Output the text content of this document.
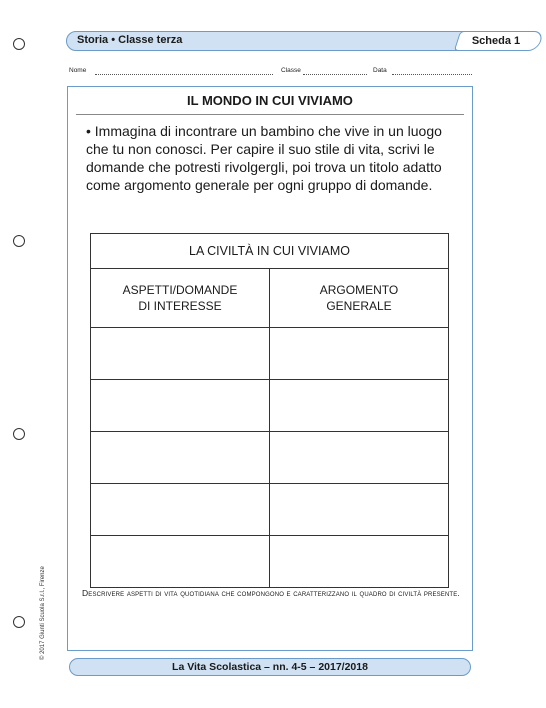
Storia • Classe terza	Scheda 1
Nome	Classe	Data
IL MONDO IN CUI VIVIAMO
• Immagina di incontrare un bambino che vive in un luogo che tu non conosci. Per capire il suo stile di vita, scrivi le domande che potresti rivolgergli, poi trova un titolo adatto come argomento generale per ogni gruppo di domande.
LA CIVILTÀ IN CUI VIVIAMO	

ASPETTI/DOMANDE DI INTERESSE	ARGOMENTO GENERALE

Descrivere aspetti di vita quotidiana che compongono e caratterizzano il quadro di civiltà presente.
© 2017 Giunti Scuola S.r.l., Firenze
La Vita Scolastica – nn. 4-5 – 2017/2018
